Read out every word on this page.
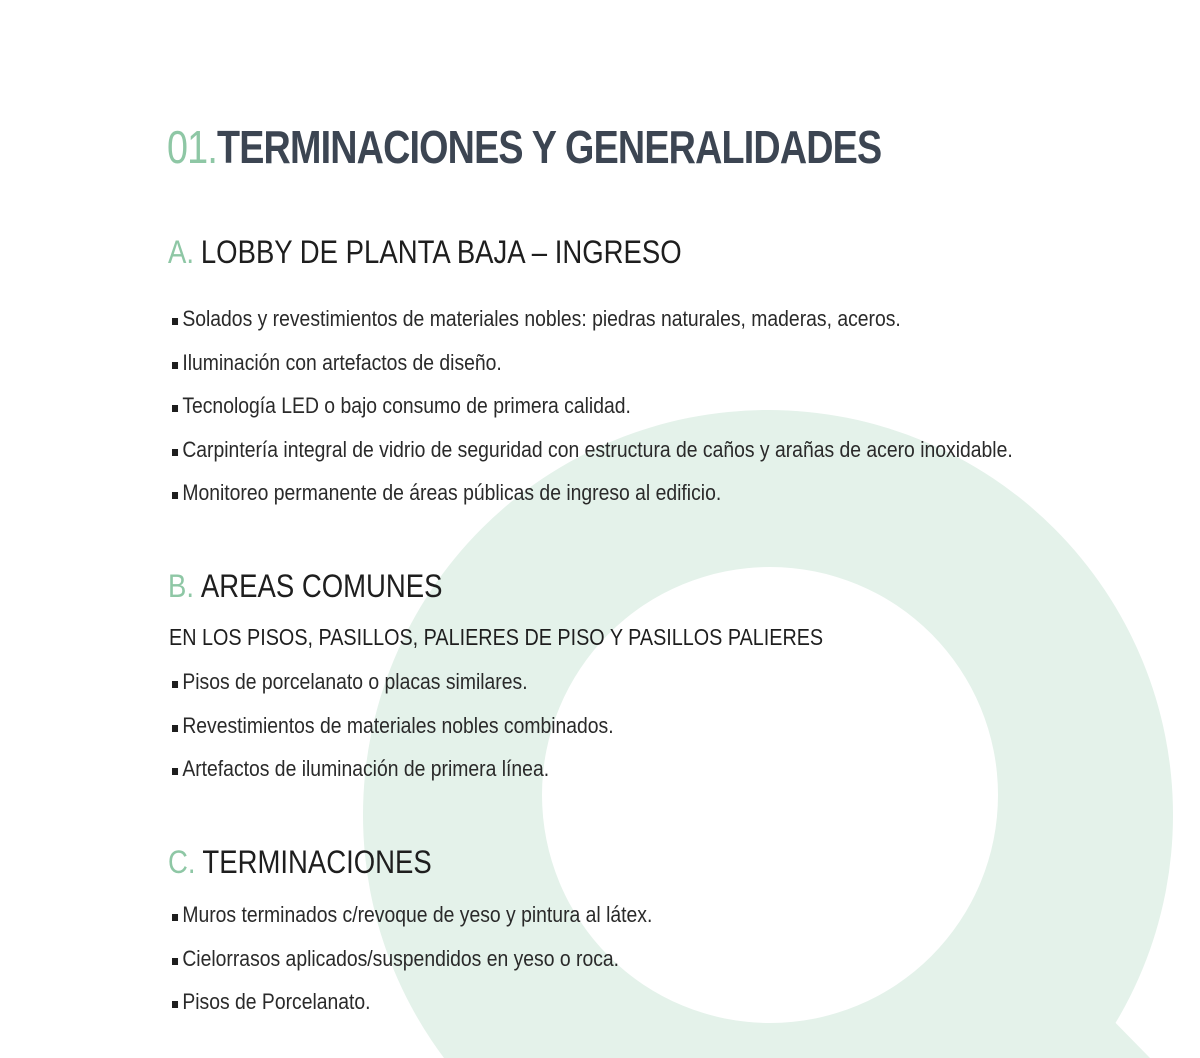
01.TERMINACIONES Y GENERALIDADES
A. LOBBY DE PLANTA BAJA – INGRESO
Solados y revestimientos de materiales nobles: piedras naturales, maderas, aceros.
Iluminación con artefactos de diseño.
Tecnología LED o bajo consumo de primera calidad.
Carpintería integral de vidrio de seguridad con estructura de caños y arañas de acero inoxidable.
Monitoreo permanente de áreas públicas de ingreso al edificio.
B. AREAS COMUNES

EN LOS PISOS, PASILLOS, PALIERES DE PISO Y PASILLOS PALIERES

Pisos de porcelanato o placas similares.
Revestimientos de materiales nobles combinados.
Artefactos de iluminación de primera línea.
C. TERMINACIONES
Muros terminados c/revoque de yeso y pintura al látex.
Cielorrasos aplicados/suspendidos en yeso o roca.
Pisos de Porcelanato.
